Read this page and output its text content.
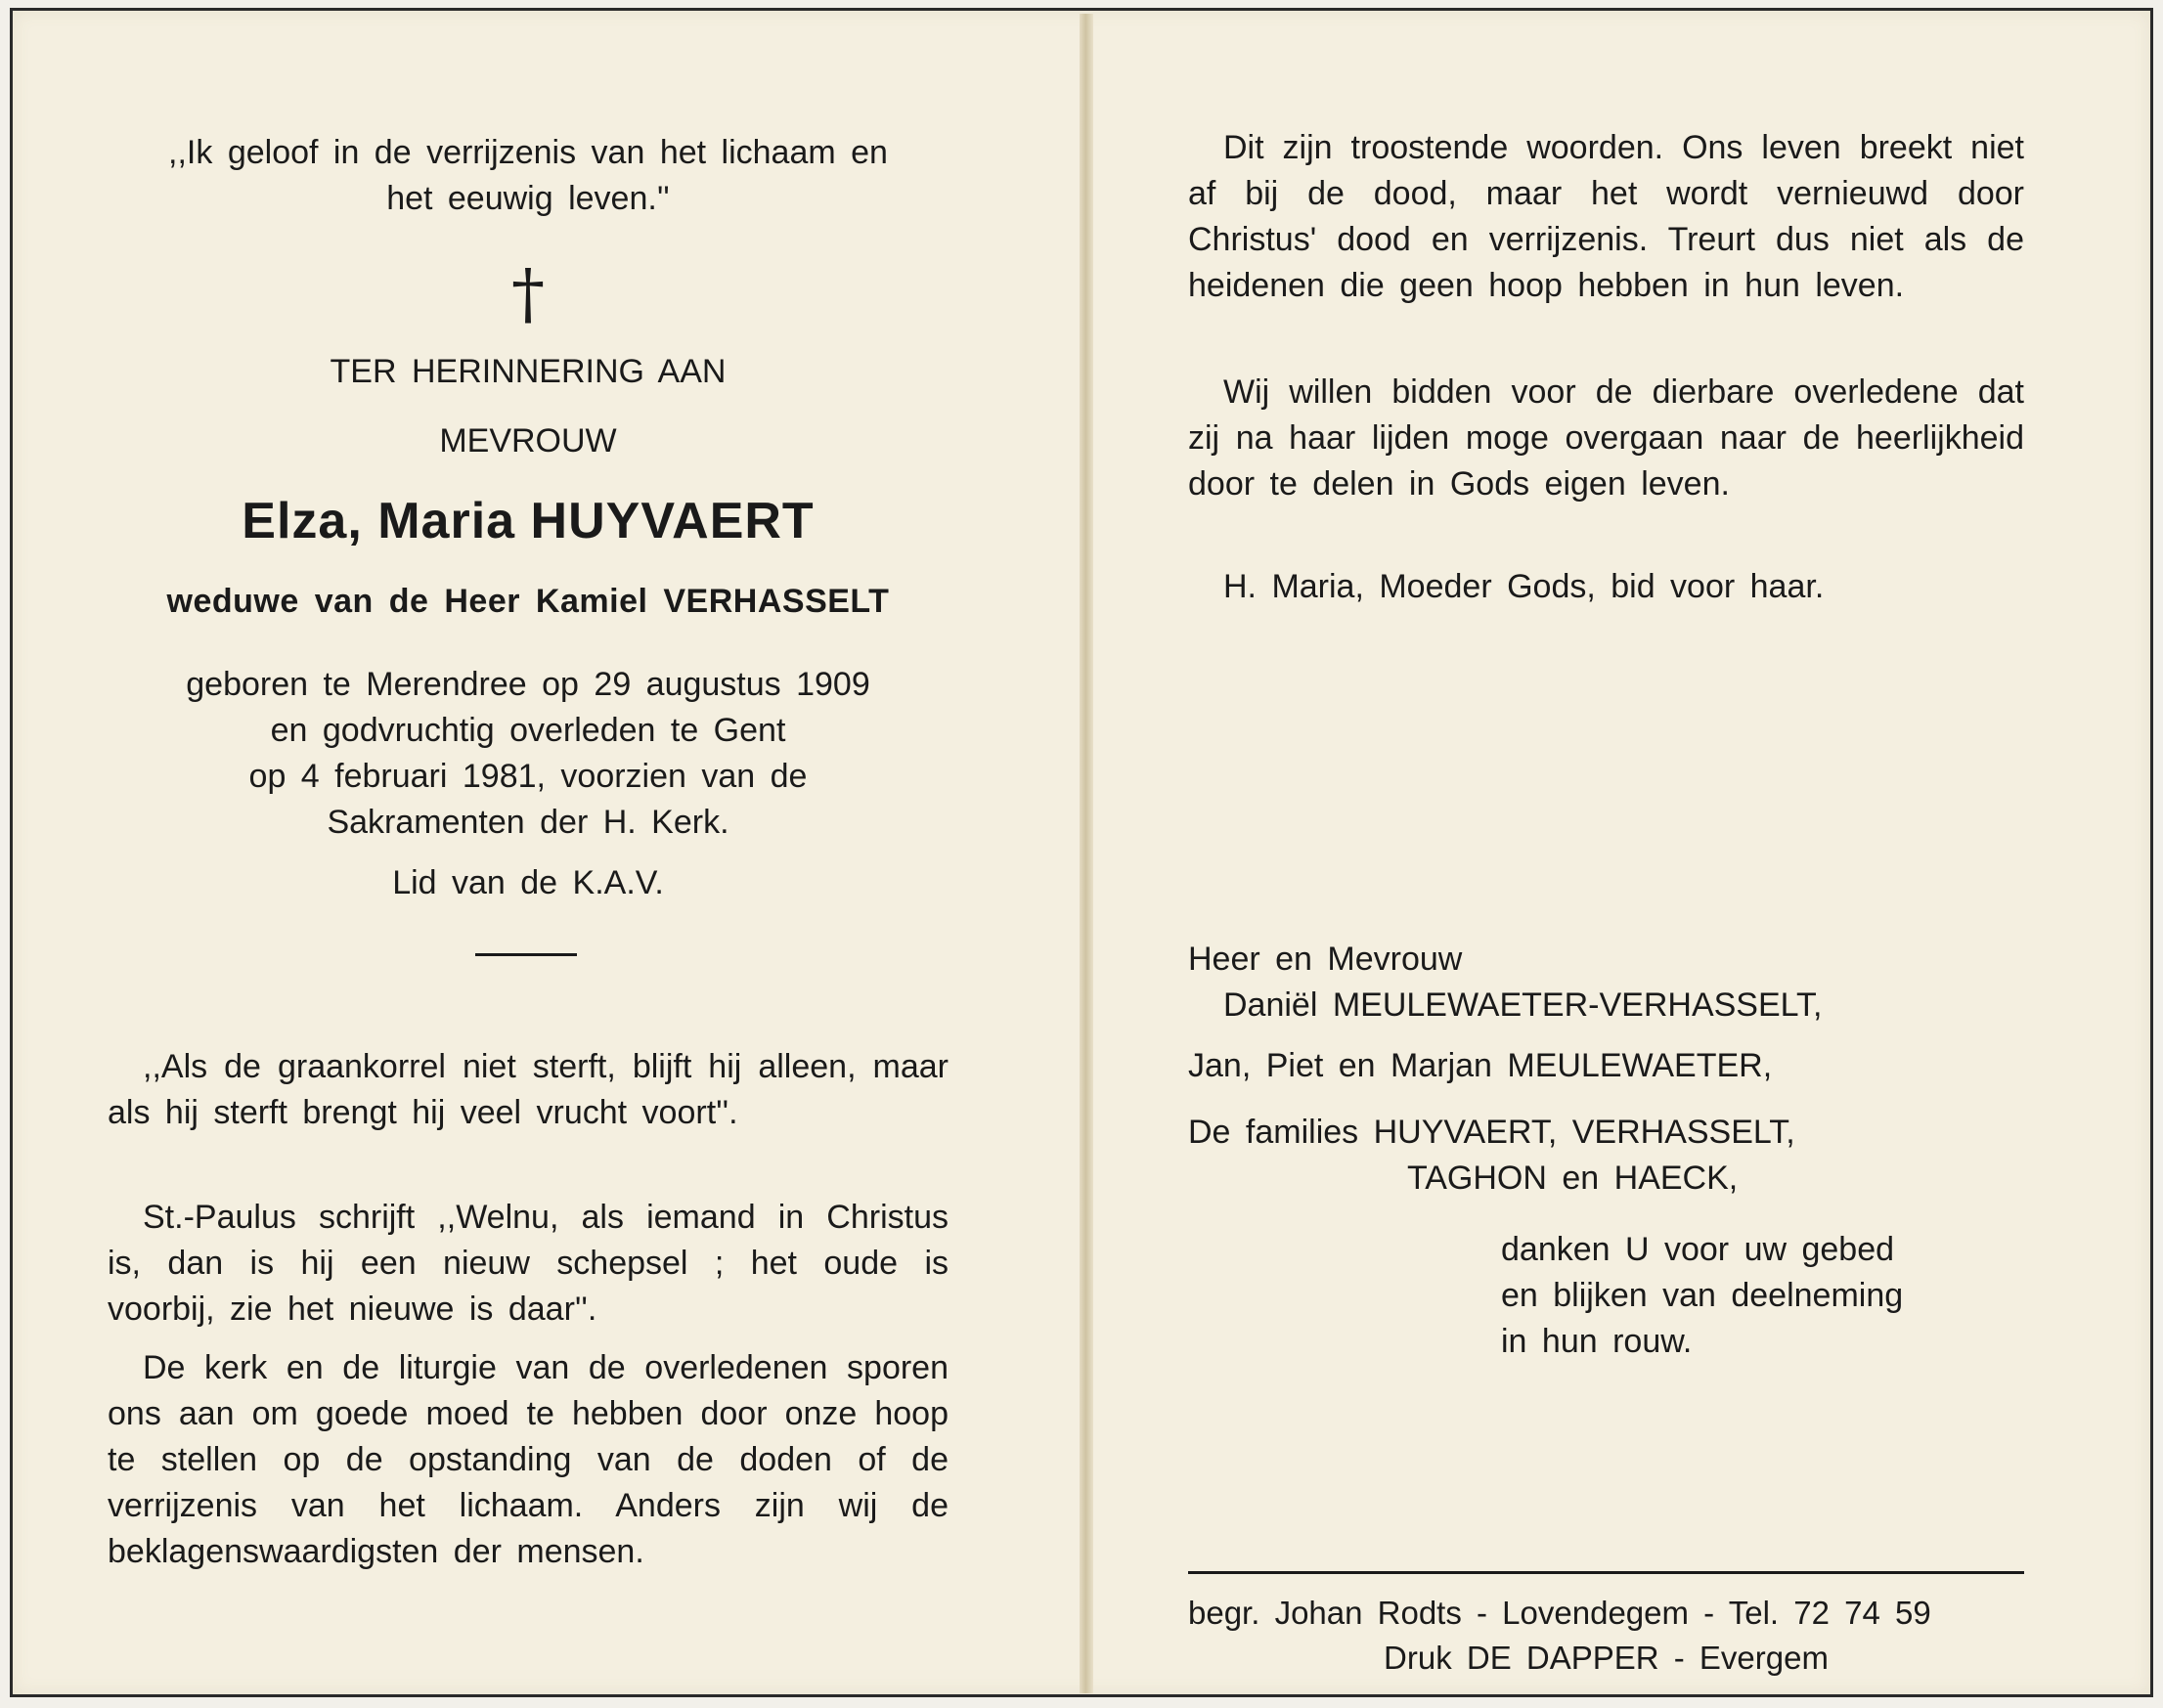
,,Ik geloof in de verrijzenis van het lichaam en het eeuwig leven.''

†

TER HERINNERING AAN

MEVROUW

Elza, Maria HUYVAERT

weduwe van de Heer Kamiel VERHASSELT

geboren te Merendree op 29 augustus 1909

en godvruchtig overleden te Gent

op 4 februari 1981, voorzien van de

Sakramenten der H. Kerk.

Lid van de K.A.V.

,,Als de graankorrel niet sterft, blijft hij alleen, maar als hij sterft brengt hij veel vrucht voort''.

St.-Paulus schrijft ,,Welnu, als iemand in Christus is, dan is hij een nieuw schepsel ; het oude is voorbij, zie het nieuwe is daar''.

De kerk en de liturgie van de overledenen sporen ons aan om goede moed te hebben door onze hoop te stellen op de opstanding van de doden of de verrijzenis van het lichaam. Anders zijn wij de beklagenswaardigsten der mensen.

Dit zijn troostende woorden. Ons leven breekt niet af bij de dood, maar het wordt vernieuwd door Christus' dood en verrijzenis. Treurt dus niet als de heidenen die geen hoop hebben in hun leven.

Wij willen bidden voor de dierbare overledene dat zij na haar lijden moge overgaan naar de heerlijkheid door te delen in Gods eigen leven.

H. Maria, Moeder Gods, bid voor haar.

Heer en Mevrouw

Daniël MEULEWAETER-VERHASSELT,

Jan, Piet en Marjan MEULEWAETER,

De families HUYVAERT, VERHASSELT,

TAGHON en HAECK,

danken U voor uw gebed

en blijken van deelneming

in hun rouw.

begr. Johan Rodts - Lovendegem - Tel. 72 74 59

Druk DE DAPPER - Evergem
